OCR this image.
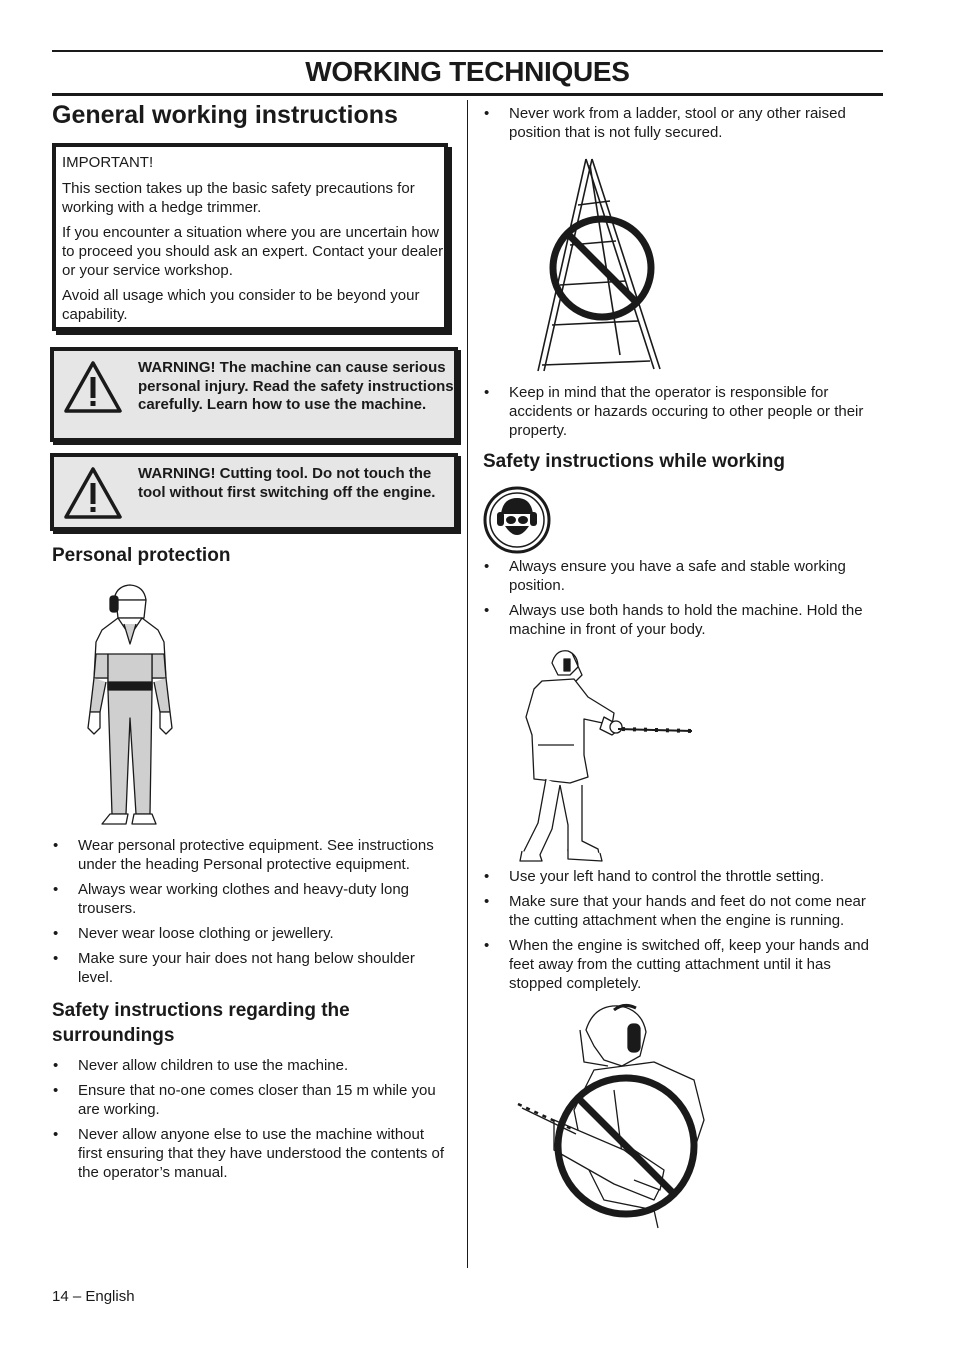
WORKING TECHNIQUES
General working instructions

IMPORTANT!

This section takes up the basic safety precautions for working with a hedge trimmer.

If you encounter a situation where you are uncertain how to proceed you should ask an expert. Contact your dealer or your service workshop.

Avoid all usage which you consider to be beyond your capability.

WARNING! The machine can cause serious personal injury. Read the safety instructions carefully. Learn how to use the machine.
WARNING! Cutting tool. Do not touch the tool without first switching off the engine.
Personal protection
• Wear personal protective equipment. See instructions under the heading Personal protective equipment.
• Always wear working clothes and heavy-duty long trousers.
• Never wear loose clothing or jewellery.
• Make sure your hair does not hang below shoulder level.
Safety instructions regarding the surroundings
• Never allow children to use the machine.
• Ensure that no-one comes closer than 15 m while you are working.
• Never allow anyone else to use the machine without first ensuring that they have understood the contents of the operator’s manual.
• Never work from a ladder, stool or any other raised position that is not fully secured.
• Keep in mind that the operator is responsible for accidents or hazards occuring to other people or their property.
Safety instructions while working
• Always ensure you have a safe and stable working position.
• Always use both hands to hold the machine. Hold the machine in front of your body.
• Use your left hand to control the throttle setting.
• Make sure that your hands and feet do not come near the cutting attachment when the engine is running.
• When the engine is switched off, keep your hands and feet away from the cutting attachment until it has stopped completely.
14 – English
